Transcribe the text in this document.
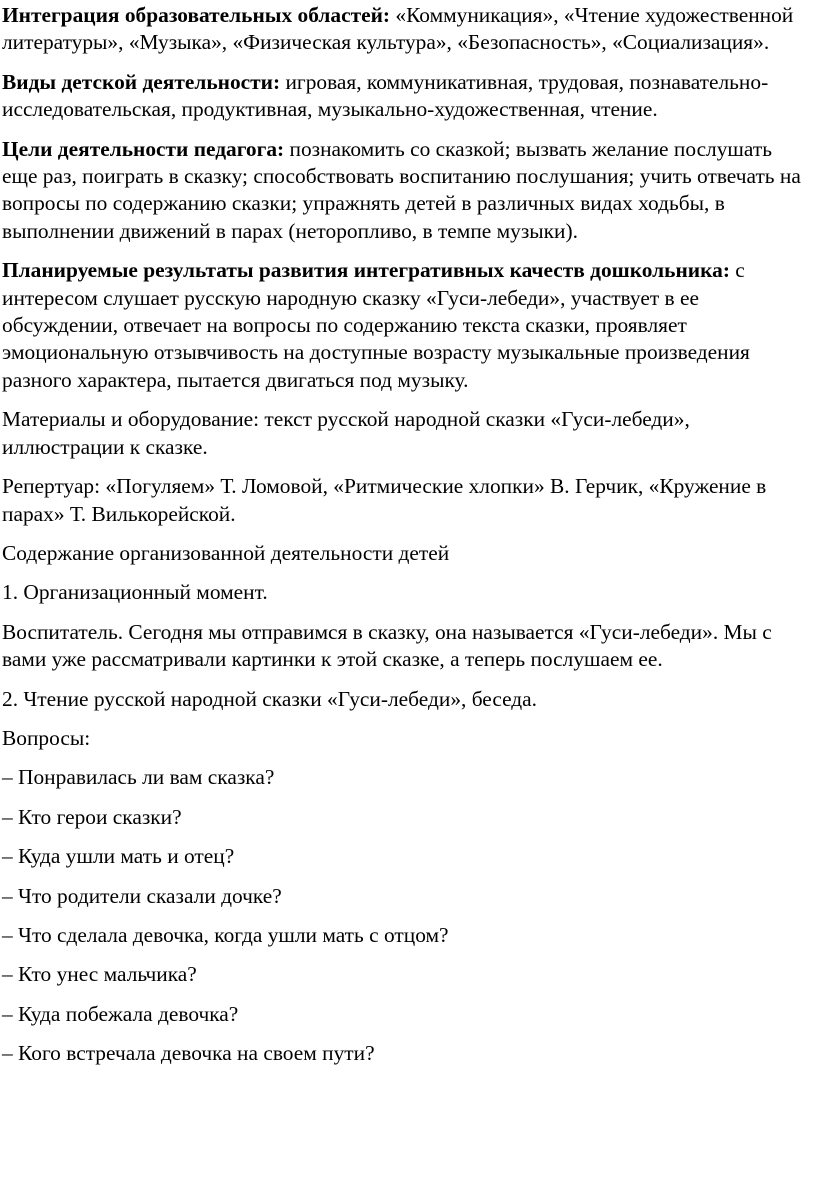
Интеграция образовательных областей: «Коммуникация», «Чтение художественной литературы», «Музыка», «Физическая культура», «Безопасность», «Социализация».

Виды детской деятельности: игровая, коммуникативная, трудовая, познавательно-исследовательская, продуктивная, музыкально-художественная, чтение.

Цели деятельности педагога: познакомить со сказкой; вызвать желание послушать еще раз, поиграть в сказку; способствовать воспитанию послушания; учить отвечать на вопросы по содержанию сказки; упражнять детей в различных видах ходьбы, в выполнении движений в парах (неторопливо, в темпе музыки).

Планируемые результаты развития интегративных качеств дошкольника: с интересом слушает русскую народную сказку «Гуси-лебеди», участвует в ее обсуждении, отвечает на вопросы по содержанию текста сказки, проявляет эмоциональную отзывчивость на доступные возрасту музыкальные произведения разного характера, пытается двигаться под музыку.

Материалы и оборудование: текст русской народной сказки «Гуси-лебеди», иллюстрации к сказке.

Репертуар: «Погуляем» Т. Ломовой, «Ритмические хлопки» В. Герчик, «Кружение в парах» Т. Вилькорейской.

Содержание организованной деятельности детей

1. Организационный момент.

Воспитатель. Сегодня мы отправимся в сказку, она называется «Гуси-лебеди». Мы с вами уже рассматривали картинки к этой сказке, а теперь послушаем ее.

2. Чтение русской народной сказки «Гуси-лебеди», беседа.

Вопросы:

– Понравилась ли вам сказка?

– Кто герои сказки?

– Куда ушли мать и отец?

– Что родители сказали дочке?

– Что сделала девочка, когда ушли мать с отцом?

– Кто унес мальчика?

– Куда побежала девочка?

– Кого встречала девочка на своем пути?
